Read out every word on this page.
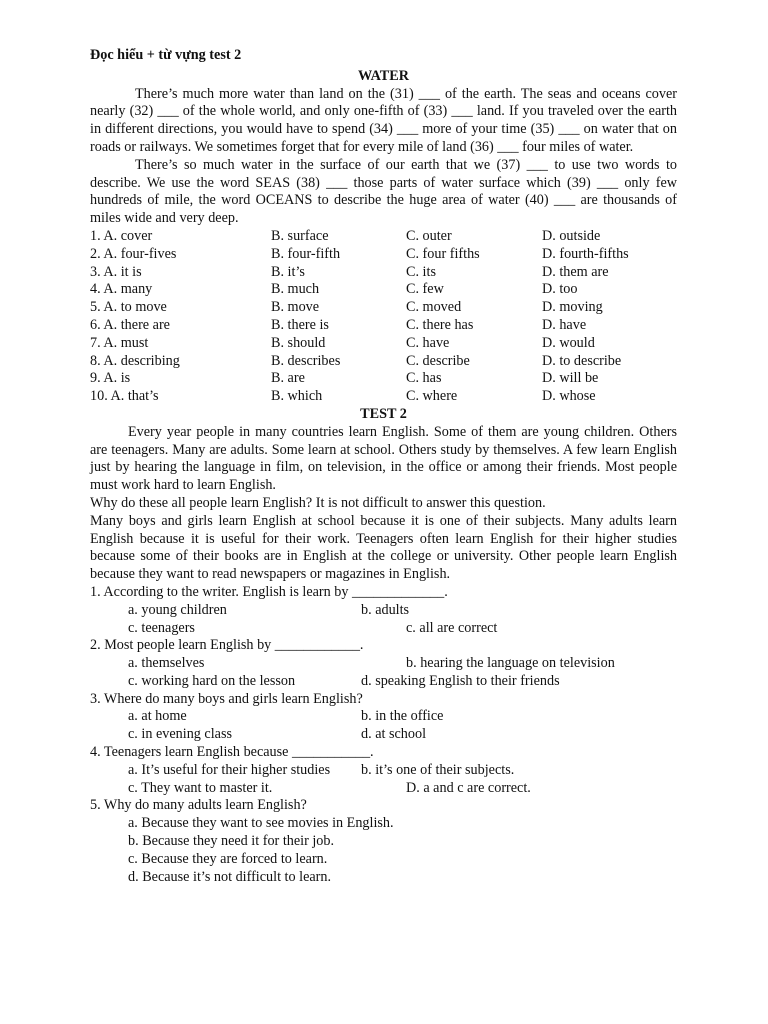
Đọc hiểu + từ vựng test 2
WATER
There’s much more water than land on the (31) ___ of the earth. The seas and oceans cover nearly (32) ___ of the whole world, and only one-fifth of (33) ___ land. If you traveled over the earth in different directions, you would have to spend (34) ___ more of your time (35) ___ on water that on roads or railways. We sometimes forget that for every mile of land (36) ___ four miles of water.
There’s so much water in the surface of our earth that we (37) ___ to use two words to describe. We use the word SEAS (38) ___ those parts of water surface which (39) ___ only few hundreds of mile, the word OCEANS to describe the huge area of water (40) ___ are thousands of miles wide and very deep.
1. A. cover	B. surface	C. outer	D. outside
2. A. four-fives	B. four-fifth	C. four fifths	D. fourth-fifths
3. A. it is	B. it’s	C. its	D. them are
4. A. many	B. much	C. few	D. too
5. A. to move	B. move	C. moved	D. moving
6. A. there are	B. there is	C. there has	D. have
7. A. must	B. should	C. have	D. would
8. A. describing	B. describes	C. describe	D. to describe
9. A. is	B. are	C. has	D. will be
10. A. that’s	B. which	C. where	D. whose
TEST 2
Every year people in many countries learn English. Some of them are young children. Others are teenagers. Many are adults. Some learn at school. Others study by themselves. A few learn English just by hearing the language in film, on television, in the office or among their friends. Most people must work hard to learn English.
Why do these all people learn English? It is not difficult to answer this question.
Many boys and girls learn English at school because it is one of their subjects. Many adults learn English because it is useful for their work. Teenagers often learn English for their higher studies because some of their books are in English at the college or university. Other people learn English because they want to read newspapers or magazines in English.
1. According to the writer. English is learn by _____________.
a. young children	b. adults
c. teenagers	c. all are correct
2. Most people learn English by ____________.
a. themselves	b. hearing the language on television
c. working hard on the lesson	d. speaking English to their friends
3. Where do many boys and girls learn English?
a. at home	b. in the office
c. in evening class	d. at school
4. Teenagers learn English because ___________.
a. It’s useful for their higher studies b. it’s one of their subjects.
c. They want to master it.	D. a and c are correct.
5. Why do many adults learn English?
a. Because they want to see movies in English.
b. Because they need it for their job.
c. Because they are forced to learn.
d. Because it’s not difficult to learn.
